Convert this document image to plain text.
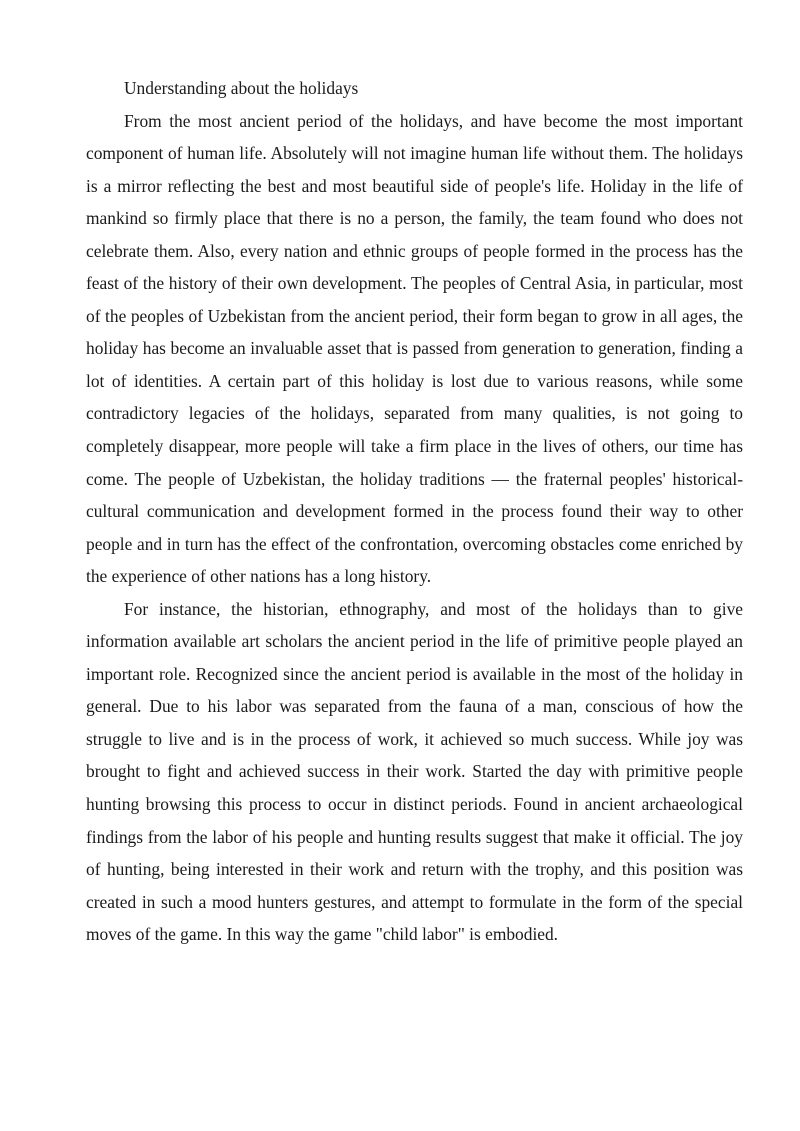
Understanding about the holidays

From the most ancient period of the holidays, and have become the most important component of human life. Absolutely will not imagine human life without them. The holidays is a mirror reflecting the best and most beautiful side of people's life. Holiday in the life of mankind so firmly place that there is no a person, the family, the team found who does not celebrate them. Also, every nation and ethnic groups of people formed in the process has the feast of the history of their own development. The peoples of Central Asia, in particular, most of the peoples of Uzbekistan from the ancient period, their form began to grow in all ages, the holiday has become an invaluable asset that is passed from generation to generation, finding a lot of identities. A certain part of this holiday is lost due to various reasons, while some contradictory legacies of the holidays, separated from many qualities, is not going to completely disappear, more people will take a firm place in the lives of others, our time has come. The people of Uzbekistan, the holiday traditions — the fraternal peoples' historical-cultural communication and development formed in the process found their way to other people and in turn has the effect of the confrontation, overcoming obstacles come enriched by the experience of other nations has a long history.

For instance, the historian, ethnography, and most of the holidays than to give information available art scholars the ancient period in the life of primitive people played an important role. Recognized since the ancient period is available in the most of the holiday in general. Due to his labor was separated from the fauna of a man, conscious of how the struggle to live and is in the process of work, it achieved so much success. While joy was brought to fight and achieved success in their work. Started the day with primitive people hunting browsing this process to occur in distinct periods. Found in ancient archaeological findings from the labor of his people and hunting results suggest that make it official. The joy of hunting, being interested in their work and return with the trophy, and this position was created in such a mood hunters gestures, and attempt to formulate in the form of the special moves of the game. In this way the game "child labor" is embodied.
